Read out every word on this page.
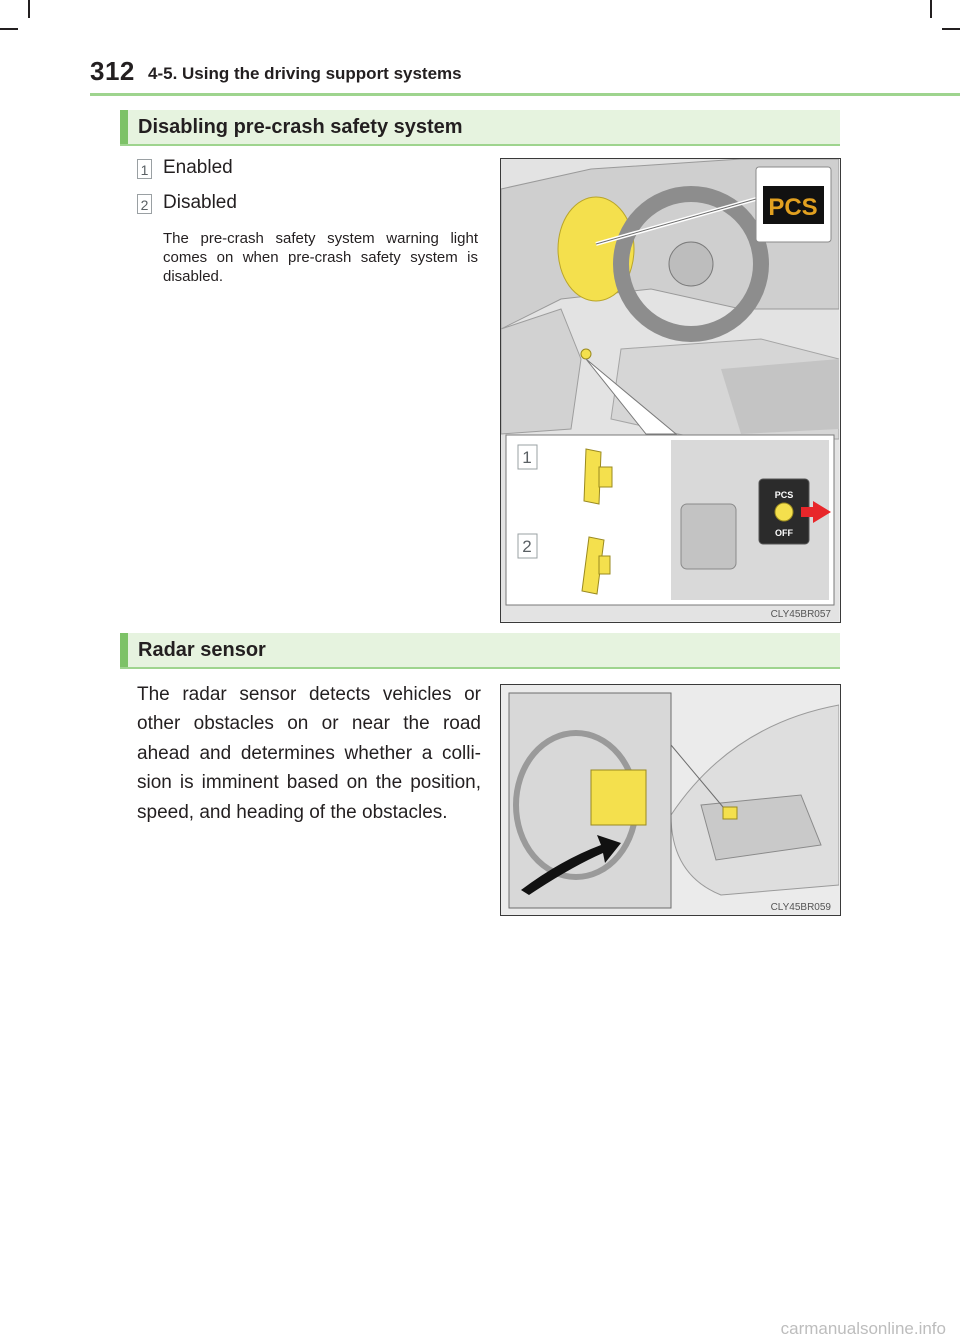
312 4-5. Using the driving support systems
Disabling pre-crash safety system
1 Enabled
2 Disabled
The pre-crash safety system warning light comes on when pre-crash safety system is disabled.
PCS
PCS
OFF
1
2
CLY45BR057
Radar sensor
The radar sensor detects vehicles or other obstacles on or near the road ahead and determines whether a colli-sion is imminent based on the position, speed, and heading of the obstacles.
CLY45BR059
carmanualsonline.info
